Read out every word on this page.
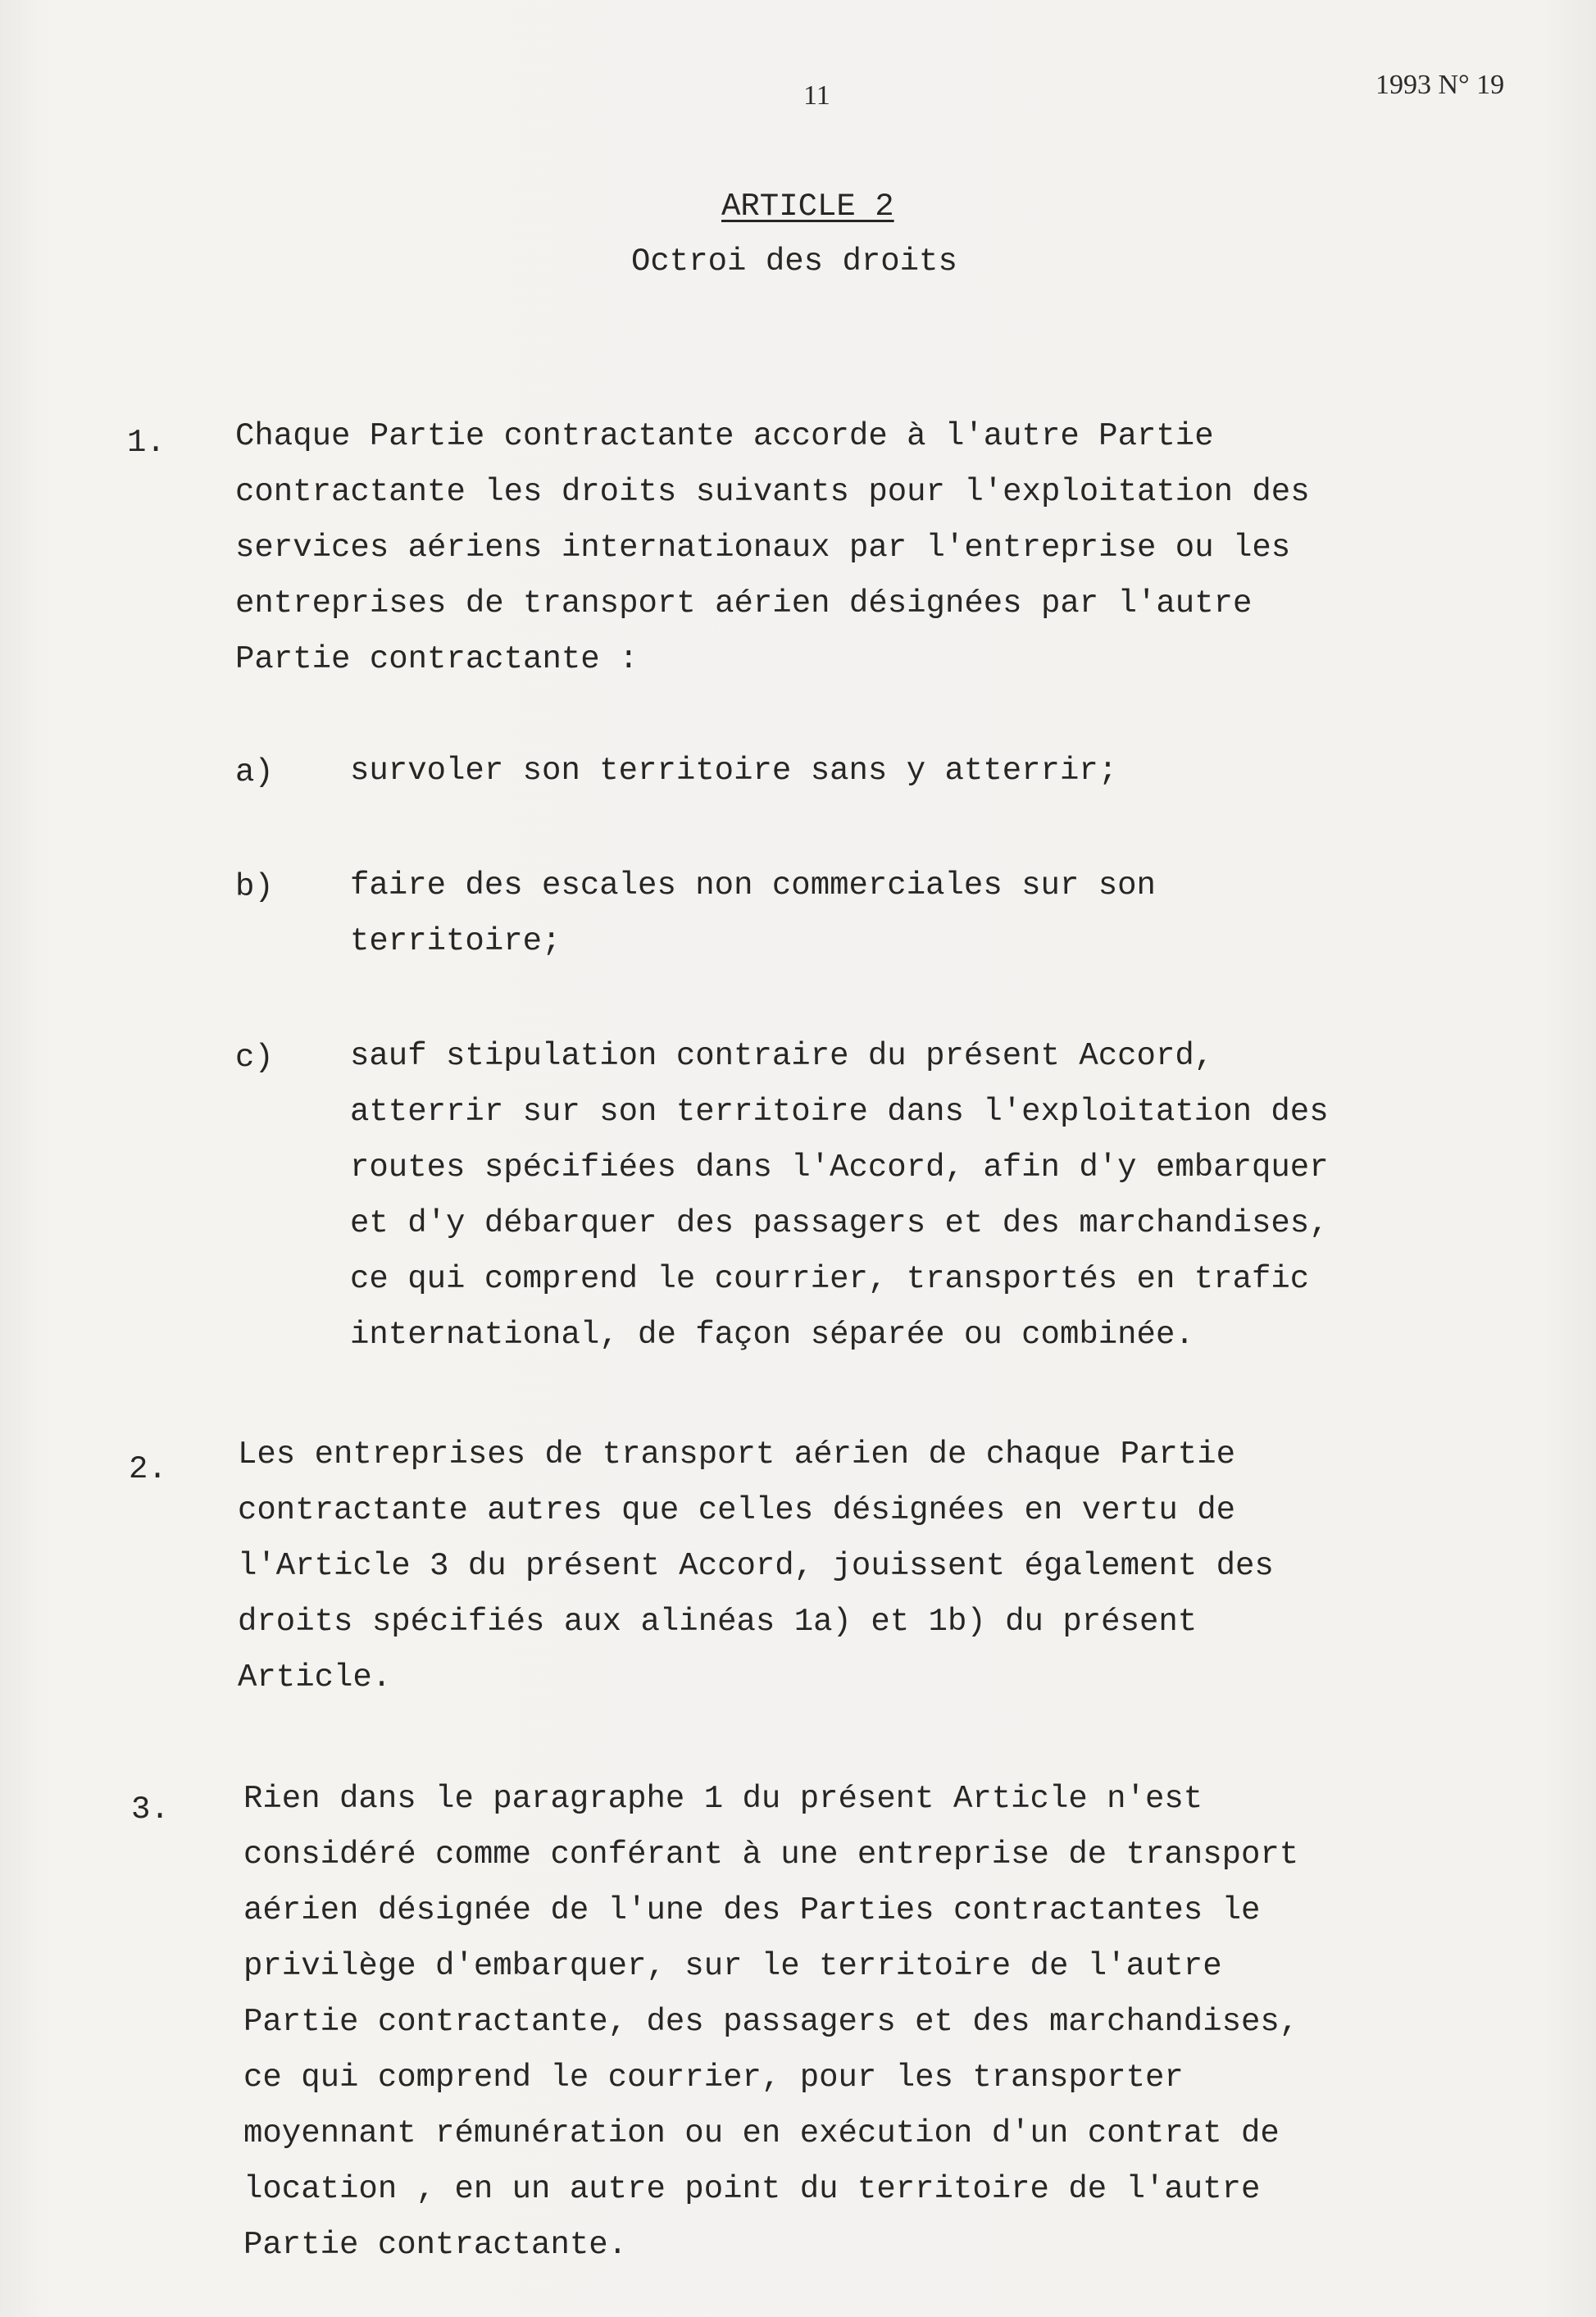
11	1993 N° 19
ARTICLE 2
Octroi des droits
1. Chaque Partie contractante accorde à l'autre Partie
contractante les droits suivants pour l'exploitation des
services aériens internationaux par l'entreprise ou les
entreprises de transport aérien désignées par l'autre
Partie contractante :
a) survoler son territoire sans y atterrir;
b) faire des escales non commerciales sur son
territoire;
c) sauf stipulation contraire du présent Accord,
atterrir sur son territoire dans l'exploitation des
routes spécifiées dans l'Accord, afin d'y embarquer
et d'y débarquer des passagers et des marchandises,
ce qui comprend le courrier, transportés en trafic
international, de façon séparée ou combinée.
2. Les entreprises de transport aérien de chaque Partie
contractante autres que celles désignées en vertu de
l'Article 3 du présent Accord, jouissent également des
droits spécifiés aux alinéas 1a) et 1b) du présent
Article.
3. Rien dans le paragraphe 1 du présent Article n'est
considéré comme conférant à une entreprise de transport
aérien désignée de l'une des Parties contractantes le
privilège d'embarquer, sur le territoire de l'autre
Partie contractante, des passagers et des marchandises,
ce qui comprend le courrier, pour les transporter
moyennant rémunération ou en exécution d'un contrat de
location , en un autre point du territoire de l'autre
Partie contractante.
